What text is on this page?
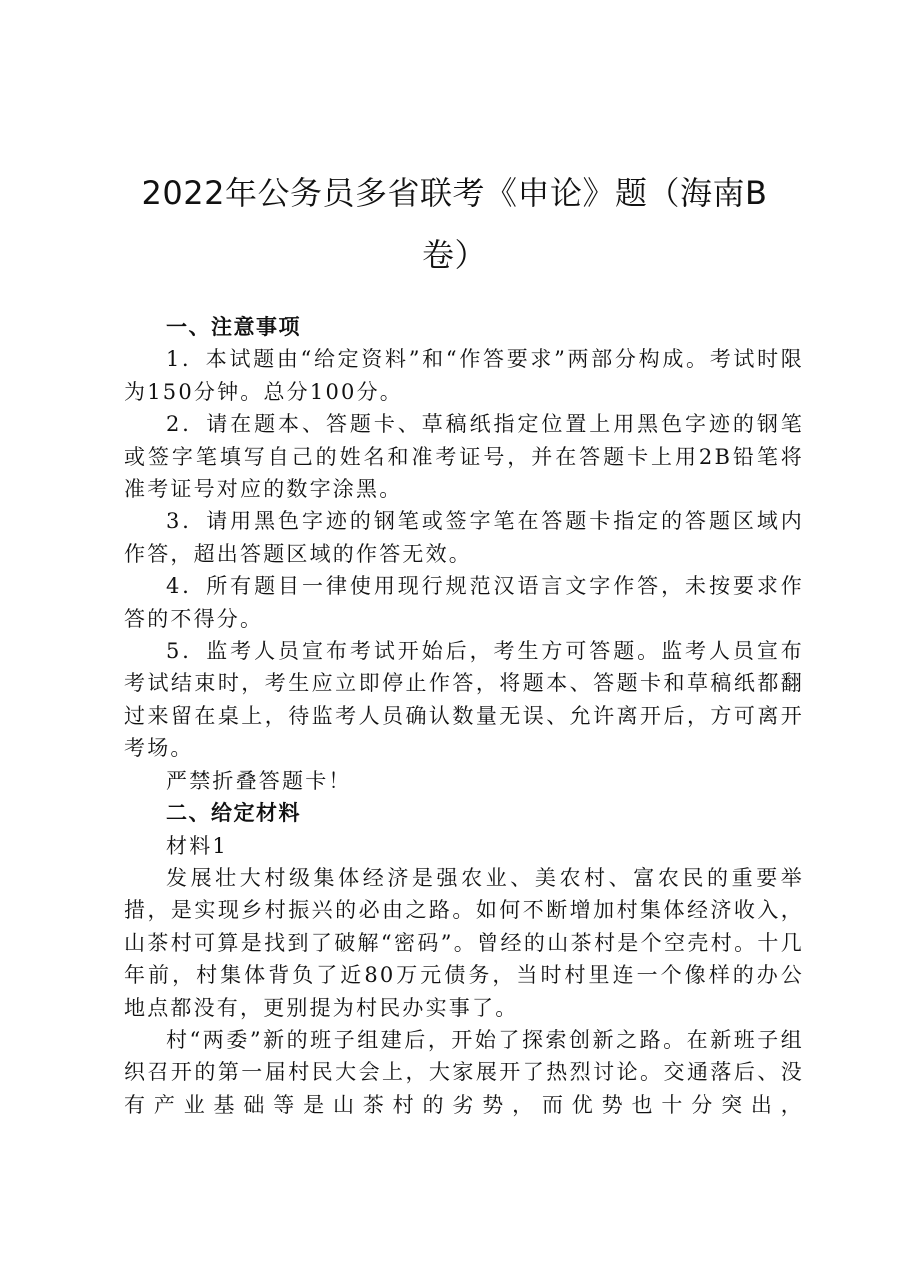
2022年公务员多省联考《申论》题（海南B
卷）

一、注意事项

1．本试题由“给定资料”和“作答要求”两部分构成。考试时限为150分钟。总分100分。

2．请在题本、答题卡、草稿纸指定位置上用黑色字迹的钢笔或签字笔填写自己的姓名和准考证号，并在答题卡上用2B铅笔将准考证号对应的数字涂黑。

3．请用黑色字迹的钢笔或签字笔在答题卡指定的答题区域内作答，超出答题区域的作答无效。

4．所有题目一律使用现行规范汉语言文字作答，未按要求作答的不得分。

5．监考人员宣布考试开始后，考生方可答题。监考人员宣布考试结束时，考生应立即停止作答，将题本、答题卡和草稿纸都翻过来留在桌上，待监考人员确认数量无误、允许离开后，方可离开考场。

严禁折叠答题卡！

二、给定材料

材料1

发展壮大村级集体经济是强农业、美农村、富农民的重要举措，是实现乡村振兴的必由之路。如何不断增加村集体经济收入，山茶村可算是找到了破解“密码”。曾经的山茶村是个空壳村。十几年前，村集体背负了近80万元债务，当时村里连一个像样的办公地点都没有，更别提为村民办实事了。

村“两委”新的班子组建后，开始了探索创新之路。在新班子组织召开的第一届村民大会上，大家展开了热烈讨论。交通落后、没有产业基础等是山茶村的劣势，而优势也十分突出，
